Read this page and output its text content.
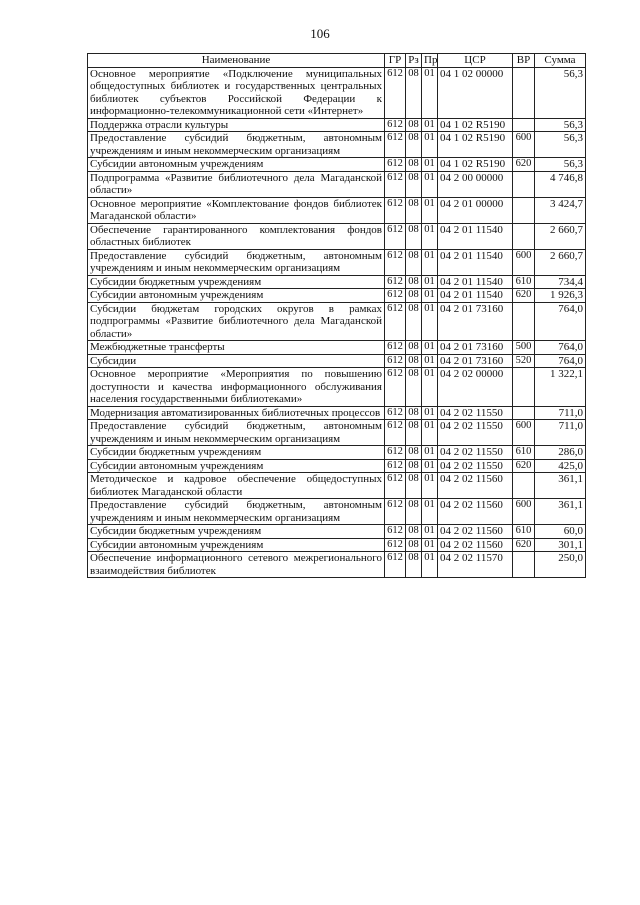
106
Наименование	ГР	Рз	Пр	ЦСР	ВР	Сумма
Основное мероприятие «Подключение муниципальных общедоступных библиотек и государственных центральных библиотек субъектов Российской Федерации к информационно-телекоммуникационной сети «Интернет»	612	08	01	04 1 02 00000		56,3
Поддержка отрасли культуры	612	08	01	04 1 02 R5190		56,3
Предоставление субсидий бюджетным, автономным учреждениям и иным некоммерческим организациям	612	08	01	04 1 02 R5190	600	56,3
Субсидии автономным учреждениям	612	08	01	04 1 02 R5190	620	56,3
Подпрограмма «Развитие библиотечного дела Магаданской области»	612	08	01	04 2 00 00000		4 746,8
Основное мероприятие «Комплектование фондов библиотек Магаданской области»	612	08	01	04 2 01 00000		3 424,7
Обеспечение гарантированного комплектования фондов областных библиотек	612	08	01	04 2 01 11540		2 660,7
Предоставление субсидий бюджетным, автономным учреждениям и иным некоммерческим организациям	612	08	01	04 2 01 11540	600	2 660,7
Субсидии бюджетным учреждениям	612	08	01	04 2 01 11540	610	734,4
Субсидии автономным учреждениям	612	08	01	04 2 01 11540	620	1 926,3
Субсидии бюджетам городских округов в рамках подпрограммы «Развитие библиотечного дела Магаданской области»	612	08	01	04 2 01 73160		764,0
Межбюджетные трансферты	612	08	01	04 2 01 73160	500	764,0
Субсидии	612	08	01	04 2 01 73160	520	764,0
Основное мероприятие «Мероприятия по повышению доступности и качества информационного обслуживания населения государственными библиотеками»	612	08	01	04 2 02 00000		1 322,1
Модернизация автоматизированных библиотечных процессов	612	08	01	04 2 02 11550		711,0
Предоставление субсидий бюджетным, автономным учреждениям и иным некоммерческим организациям	612	08	01	04 2 02 11550	600	711,0
Субсидии бюджетным учреждениям	612	08	01	04 2 02 11550	610	286,0
Субсидии автономным учреждениям	612	08	01	04 2 02 11550	620	425,0
Методическое и кадровое обеспечение общедоступных библиотек Магаданской области	612	08	01	04 2 02 11560		361,1
Предоставление субсидий бюджетным, автономным учреждениям и иным некоммерческим организациям	612	08	01	04 2 02 11560	600	361,1
Субсидии бюджетным учреждениям	612	08	01	04 2 02 11560	610	60,0
Субсидии автономным учреждениям	612	08	01	04 2 02 11560	620	301,1
Обеспечение информационного сетевого межрегионального взаимодействия библиотек	612	08	01	04 2 02 11570		250,0
